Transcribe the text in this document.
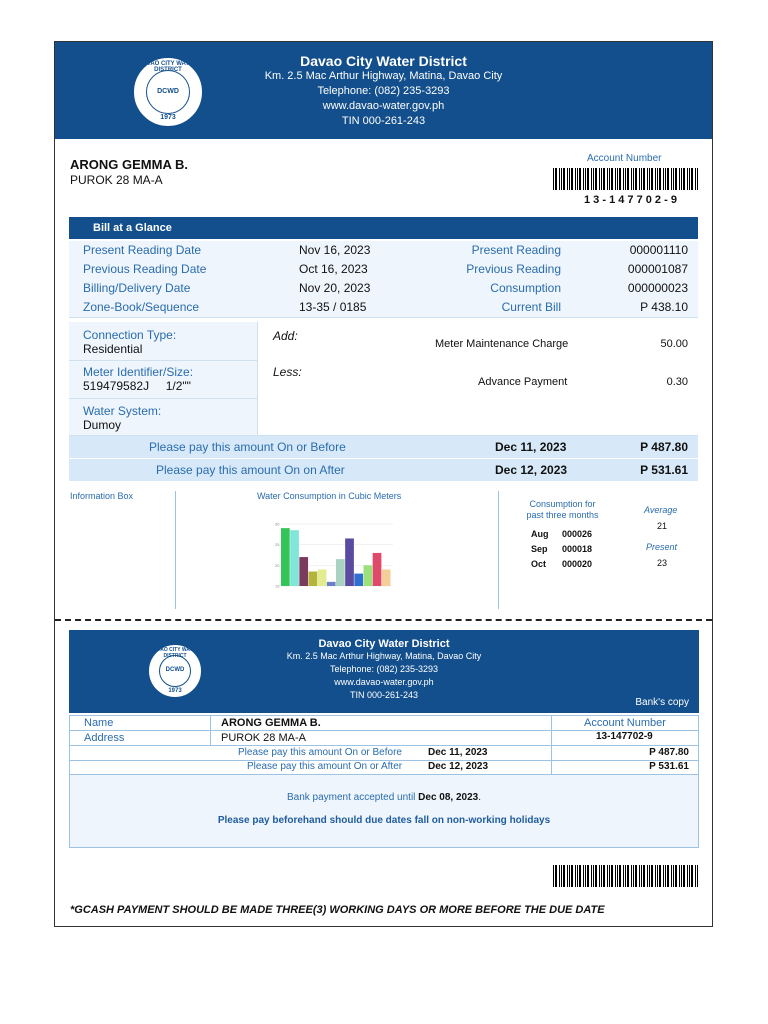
Davao City Water District
Km. 2.5 Mac Arthur Highway, Matina, Davao City
Telephone: (082) 235-3293
www.davao-water.gov.ph
TIN 000-261-243
DAVAO CITY WATER DISTRICT
DCWD
1973
ARONG GEMMA B.
PUROK 28 MA-A
Account Number
1 3 - 1 4 7 7 0 2 - 9
Bill at a Glance
Present Reading Date	Nov 16, 2023	Present Reading	000001110
Previous Reading Date	Oct 16, 2023	Previous Reading	000001087
Billing/Delivery Date	Nov 20, 2023	Consumption	000000023
Zone-Book/Sequence	13-35 / 0185	Current Bill	P 438.10
Connection Type:
Residential
Meter Identifier/Size:
519479582J     1/2""
Water System:
Dumoy
Add:
Meter Maintenance Charge	50.00
Less:
Advance Payment	0.30
Please pay this amount On or Before	Dec 11, 2023	P 487.80
Please pay this amount On on After	Dec 12, 2023	P 531.61
Information Box	Water Consumption in Cubic Meters
30
25
20
15
Consumption for
past three months
Aug 000026
Sep 000018
Oct 000020
Average
21
Present
23
Davao City Water District
Km. 2.5 Mac Arthur Highway, Matina, Davao City
Telephone: (082) 235-3293
www.davao-water.gov.ph
TIN 000-261-243
Bank's copy
DAVAO CITY WATER DISTRICT
DCWD
1973
Name	ARONG GEMMA B.	Account Number
Address	PUROK 28 MA-A	13-147702-9
Please pay this amount On or Before	Dec 11, 2023	P 487.80
Please pay this amount On or After	Dec 12, 2023	P 531.61
Bank payment accepted until Dec 08, 2023.
Please pay beforehand should due dates fall on non-working holidays
*GCASH PAYMENT SHOULD BE MADE THREE(3) WORKING DAYS OR MORE BEFORE THE DUE DATE
